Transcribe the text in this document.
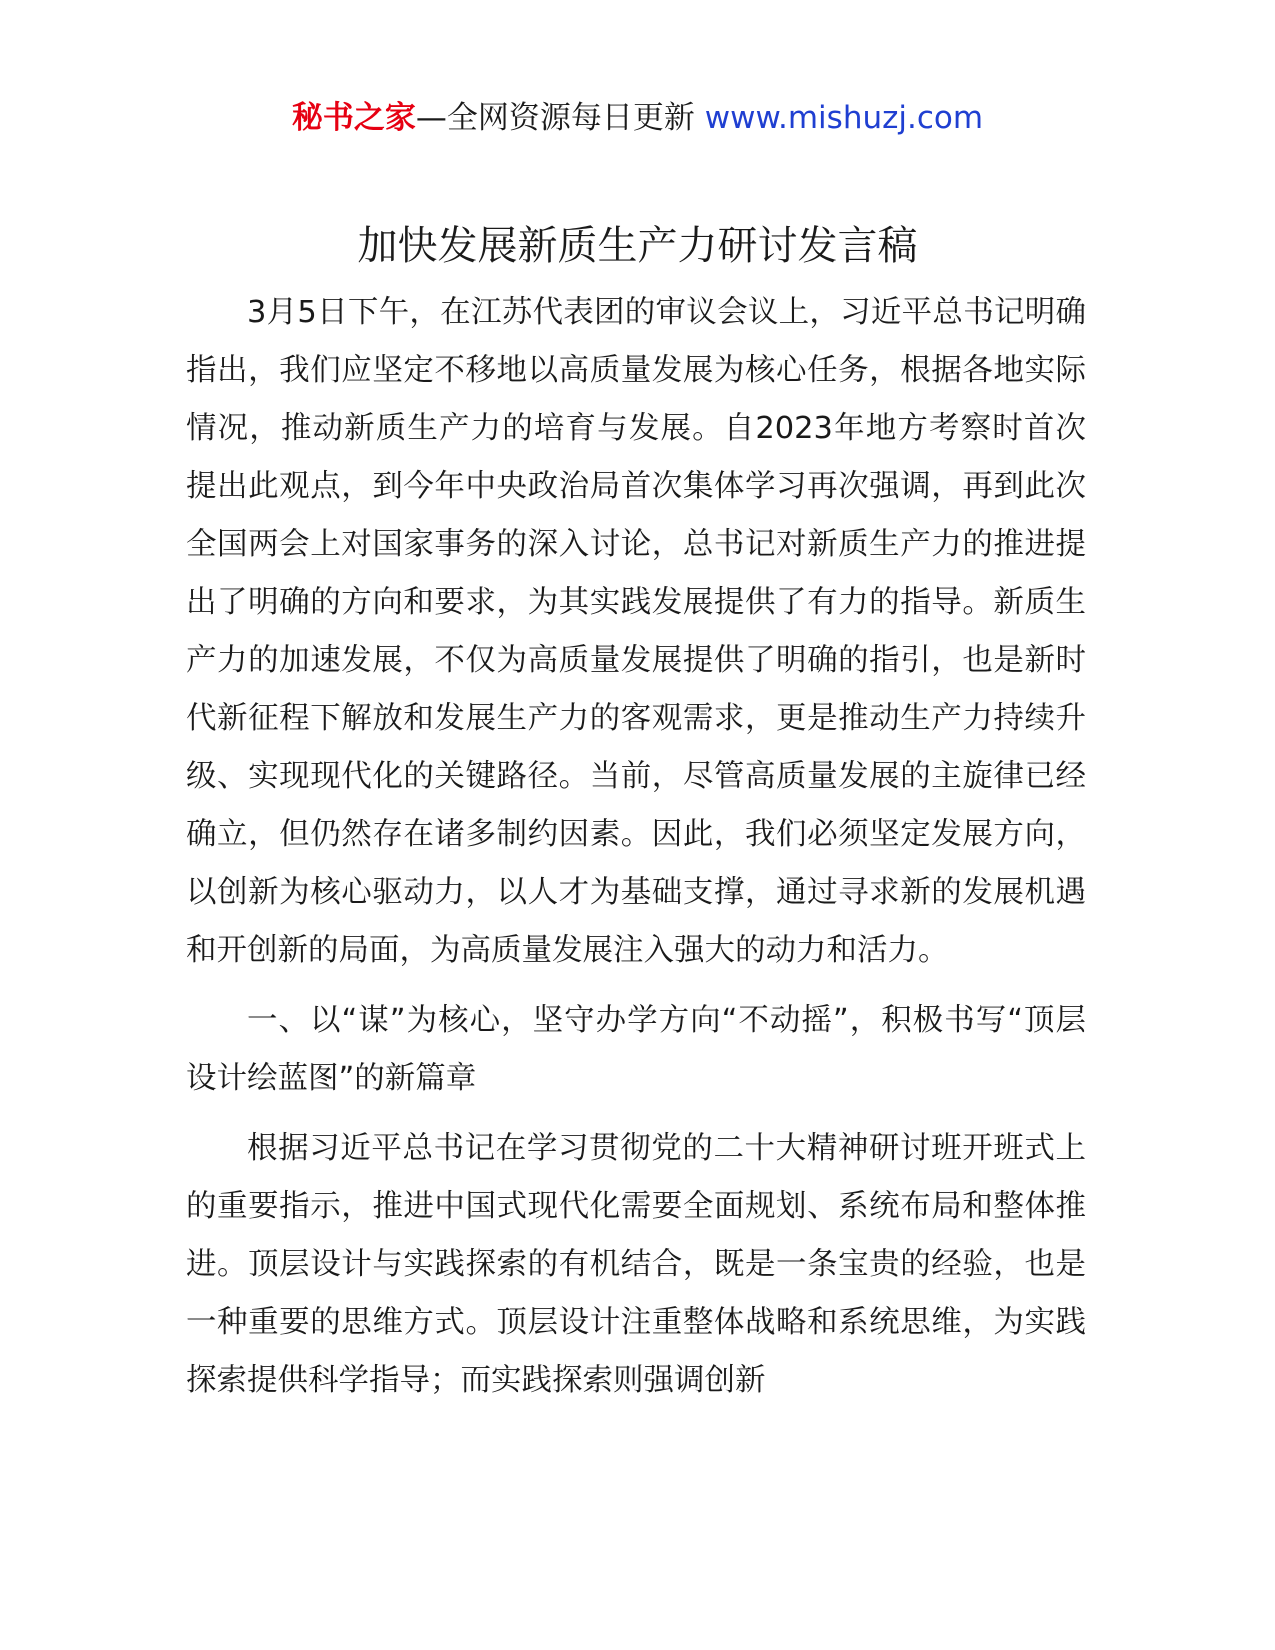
秘书之家—全网资源每日更新 www.mishuzj.com
加快发展新质生产力研讨发言稿

3月5日下午，在江苏代表团的审议会议上，习近平总书记明确指出，我们应坚定不移地以高质量发展为核心任务，根据各地实际情况，推动新质生产力的培育与发展。自2023年地方考察时首次提出此观点，到今年中央政治局首次集体学习再次强调，再到此次全国两会上对国家事务的深入讨论，总书记对新质生产力的推进提出了明确的方向和要求，为其实践发展提供了有力的指导。新质生产力的加速发展，不仅为高质量发展提供了明确的指引，也是新时代新征程下解放和发展生产力的客观需求，更是推动生产力持续升级、实现现代化的关键路径。当前，尽管高质量发展的主旋律已经确立，但仍然存在诸多制约因素。因此，我们必须坚定发展方向，以创新为核心驱动力，以人才为基础支撑，通过寻求新的发展机遇和开创新的局面，为高质量发展注入强大的动力和活力。

一、以“谋”为核心，坚守办学方向“不动摇”，积极书写“顶层设计绘蓝图”的新篇章

根据习近平总书记在学习贯彻党的二十大精神研讨班开班式上的重要指示，推进中国式现代化需要全面规划、系统布局和整体推进。顶层设计与实践探索的有机结合，既是一条宝贵的经验，也是一种重要的思维方式。顶层设计注重整体战略和系统思维，为实践探索提供科学指导；而实践探索则强调创新
